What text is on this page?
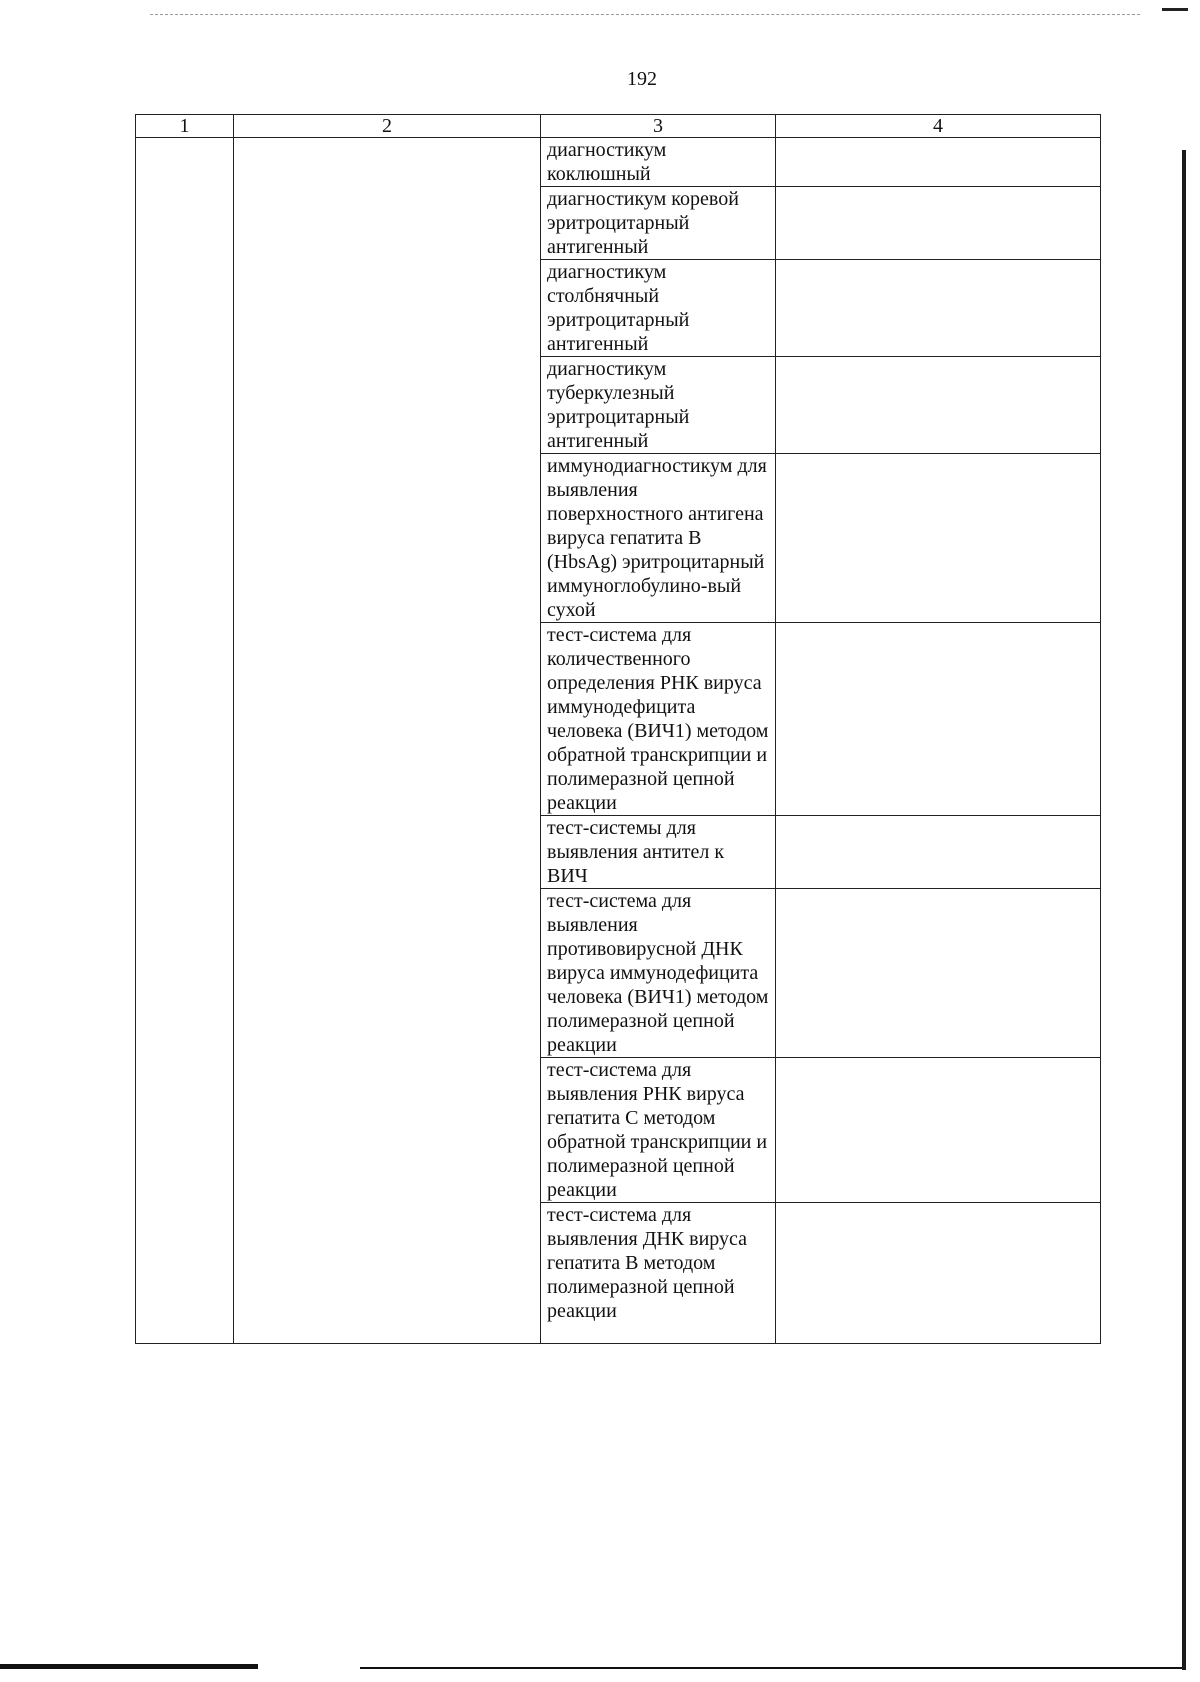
192
1	2	3	4

		диагностикум коклюшный	

		диагностикум коревой эритроцитарный антигенный	

		диагностикум столбнячный эритроцитарный антигенный	

		диагностикум туберкулезный эритроцитарный антигенный	

		иммунодиагностикум для выявления поверхностного антигена вируса гепатита В (HbsAg) эритроцитарный иммуноглобулино-вый сухой	

		тест-система для количественного определения РНК вируса иммунодефицита человека (ВИЧ1) методом обратной транскрипции и полимеразной цепной реакции	

		тест-системы для выявления антител к ВИЧ	

		тест-система для выявления противовирусной ДНК вируса иммунодефицита человека (ВИЧ1) методом полимеразной цепной реакции	

		тест-система для выявления РНК вируса гепатита С методом обратной транскрипции и полимеразной цепной реакции	

		тест-система для выявления ДНК вируса гепатита В методом полимеразной цепной реакции	
